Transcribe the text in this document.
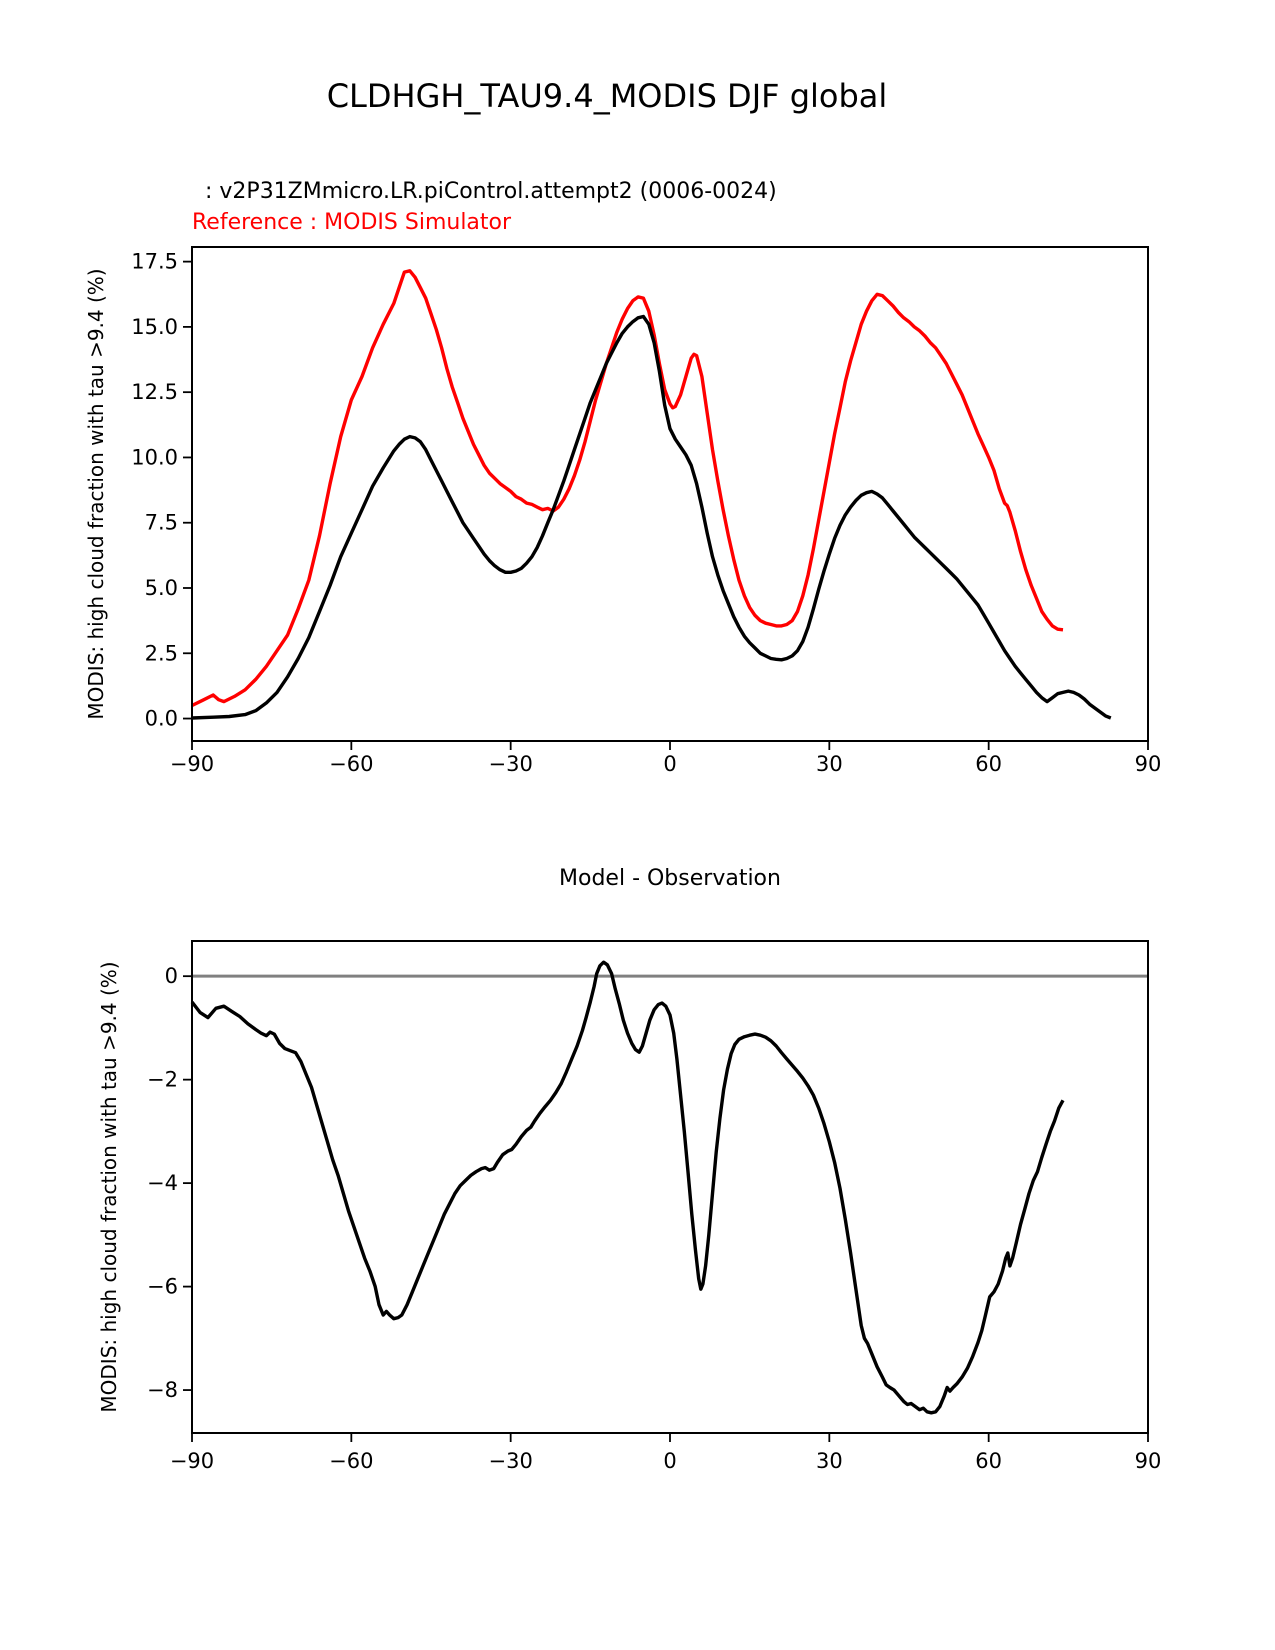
CLDHGH_TAU9.4_MODIS DJF global
: v2P31ZMmicro.LR.piControl.attempt2 (0006-0024)
Reference : MODIS Simulator
MODIS: high cloud fraction with tau >9.4 (%)
−90	−60	−30	0	30	60	90
17.5
15.0
12.5
10.0
7.5
5.0
2.5
0.0
Model - Observation
MODIS: high cloud fraction with tau >9.4 (%)
−90	−60	−30	0	30	60	90
0
−2
−4
−6
−8
